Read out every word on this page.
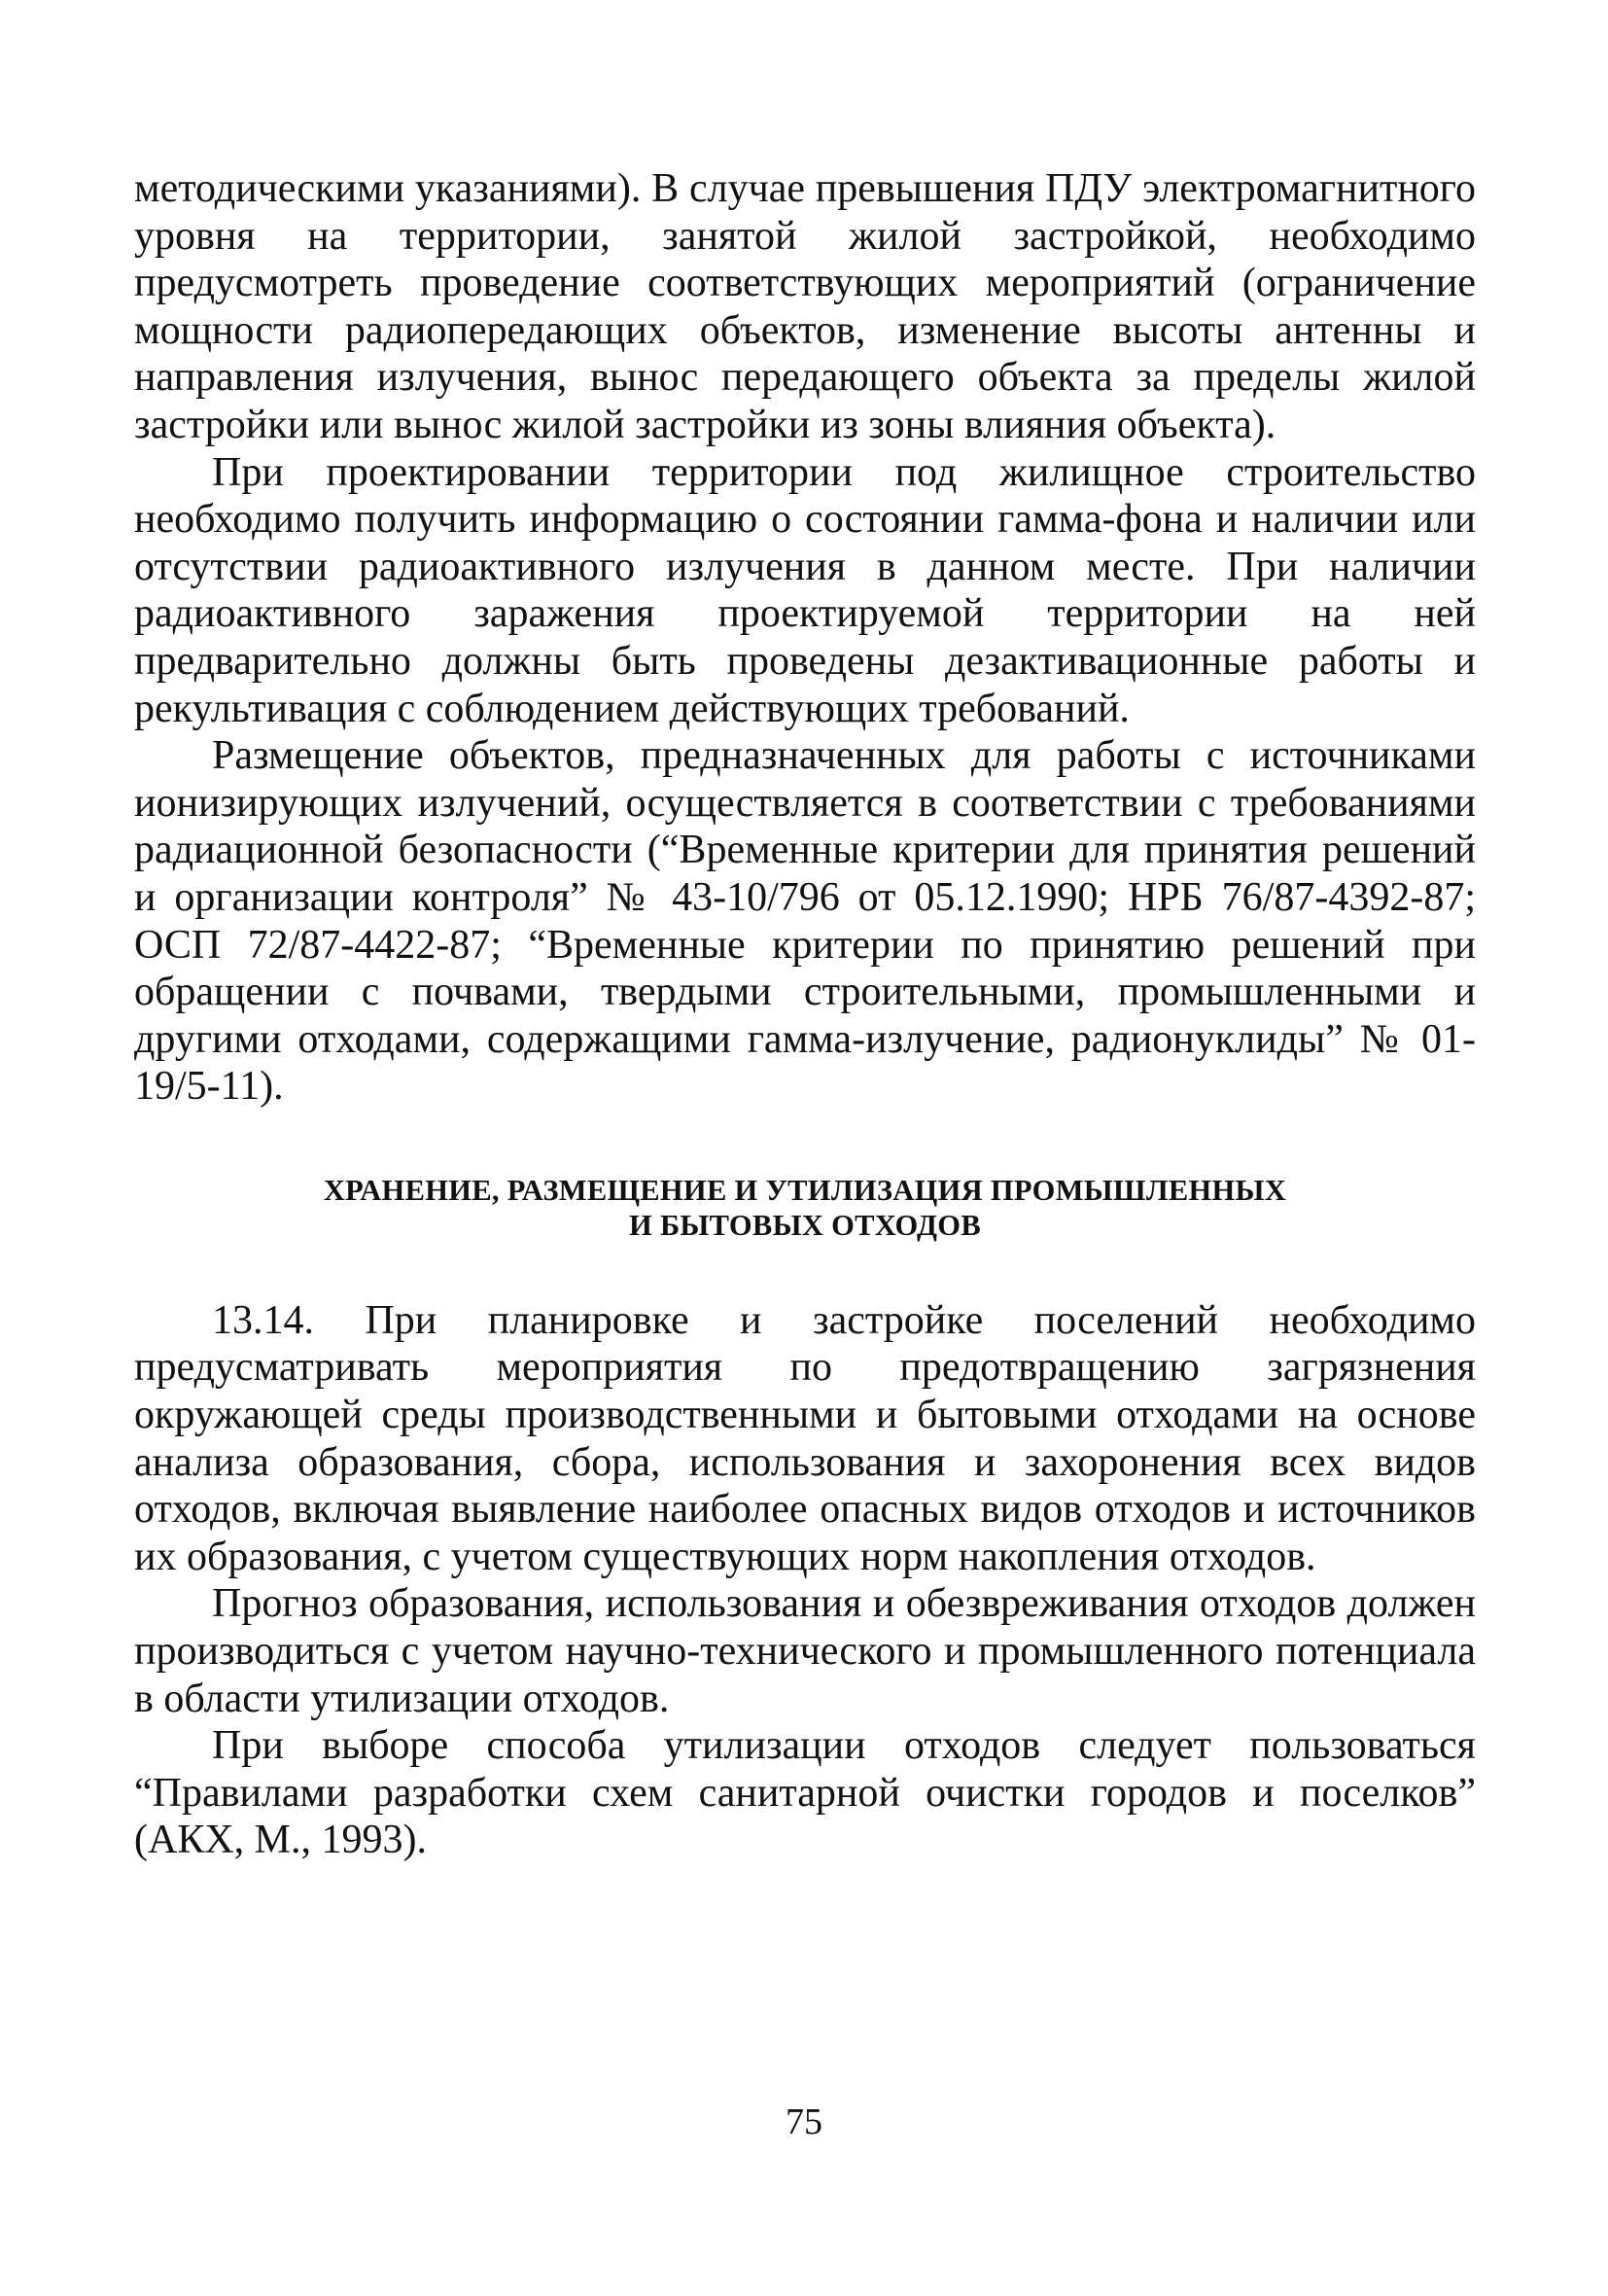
методическими указаниями). В случае превышения ПДУ электромагнитного уровня на территории, занятой жилой застройкой, необходимо предусмотреть проведение соответствующих мероприятий (ограничение мощности радиопередающих объектов, изменение высоты антенны и направления излучения, вынос передающего объекта за пределы жилой застройки или вынос жилой застройки из зоны влияния объекта).

При проектировании территории под жилищное строительство необходимо получить информацию о состоянии гамма-фона и наличии или отсутствии радиоактивного излучения в данном месте. При наличии радиоактивного заражения проектируемой территории на ней предварительно должны быть проведены дезактивационные работы и рекультивация с соблюдением действующих требований.

Размещение объектов, предназначенных для работы с источниками ионизирующих излучений, осуществляется в соответствии с требованиями радиационной безопасности (“Временные критерии для принятия решений и организации контроля” № 43-10/796 от 05.12.1990; НРБ 76/87-4392-87; ОСП 72/87-4422-87; “Временные критерии по принятию решений при обращении с почвами, твердыми строительными, промышленными и другими отходами, содержащими гамма-излучение, радионуклиды” № 01-19/5-11).

ХРАНЕНИЕ, РАЗМЕЩЕНИЕ И УТИЛИЗАЦИЯ ПРОМЫШЛЕННЫХ
И БЫТОВЫХ ОТХОДОВ

13.14. При планировке и застройке поселений необходимо предусматривать мероприятия по предотвращению загрязнения окружающей среды производственными и бытовыми отходами на основе анализа образования, сбора, использования и захоронения всех видов отходов, включая выявление наиболее опасных видов отходов и источников их образования, с учетом существующих норм накопления отходов.

Прогноз образования, использования и обезвреживания отходов должен производиться с учетом научно-технического и промышленного потенциала в области утилизации отходов.

При выборе способа утилизации отходов следует пользоваться “Правилами разработки схем санитарной очистки городов и поселков” (АКХ, М., 1993).

75
